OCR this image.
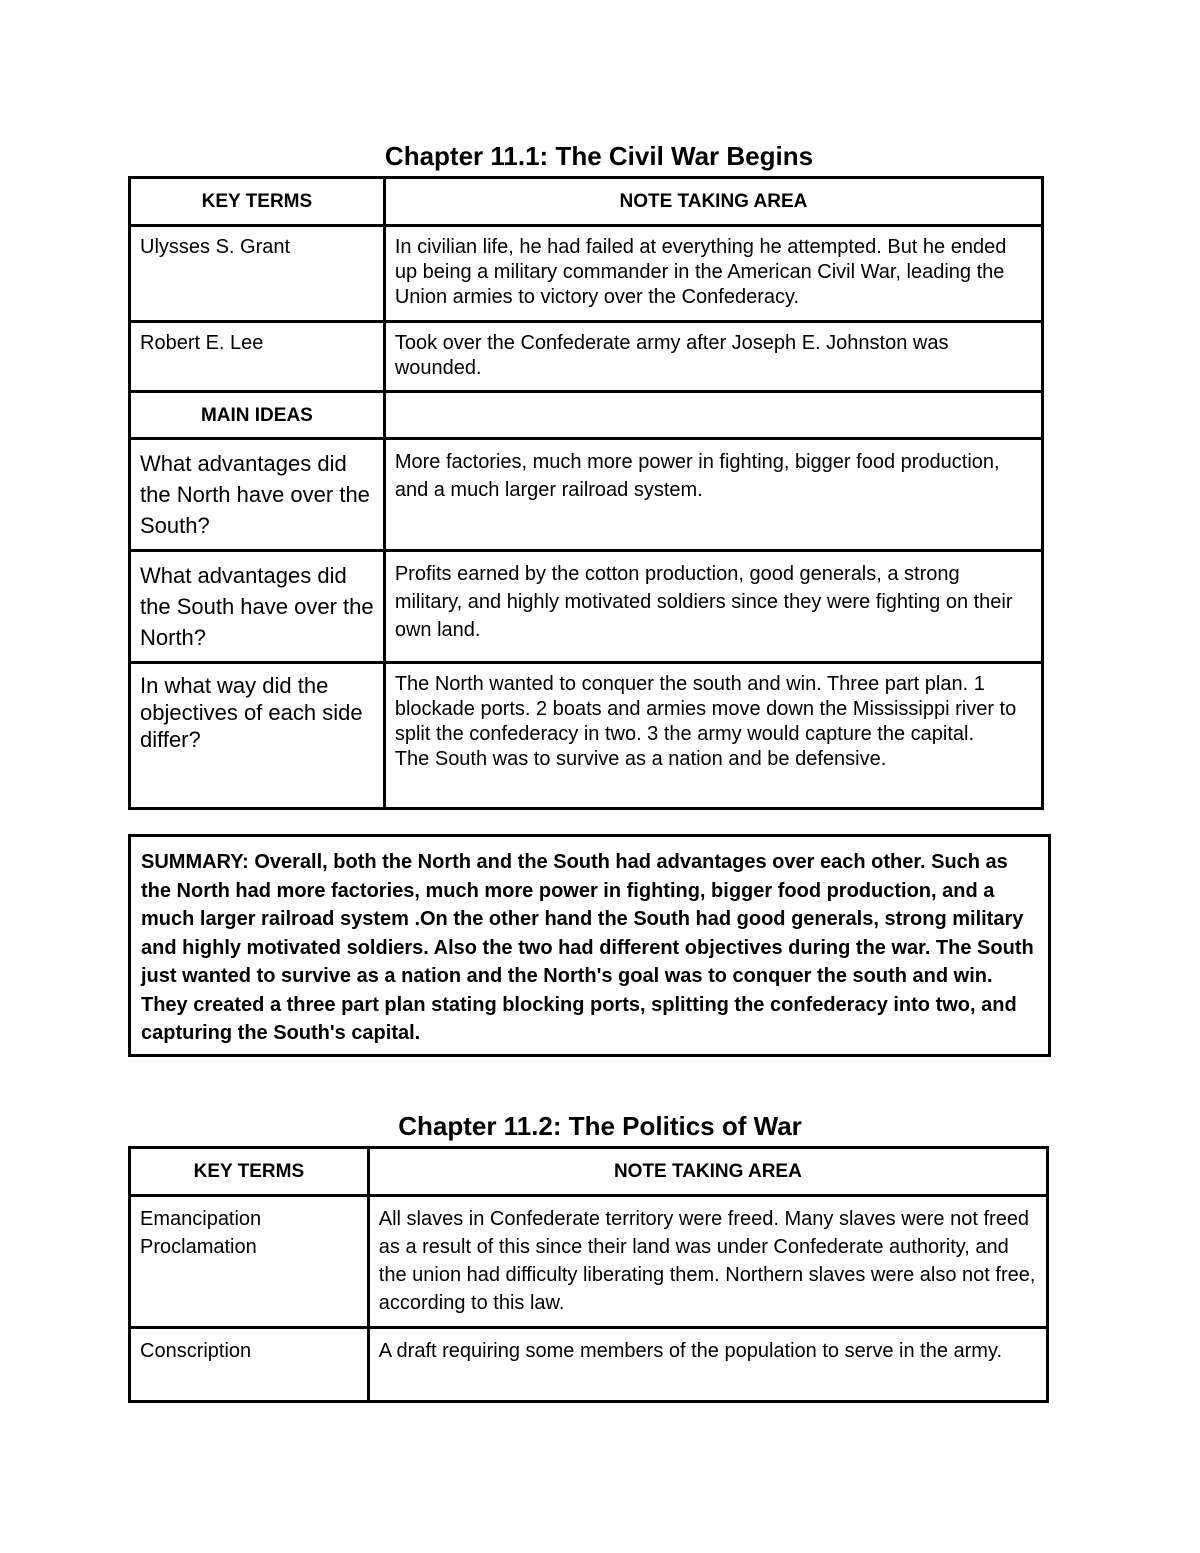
Chapter 11.1: The Civil War Begins
KEY TERMS	NOTE TAKING AREA
Ulysses S. Grant	In civilian life, he had failed at everything he attempted. But he ended up being a military commander in the American Civil War, leading the Union armies to victory over the Confederacy.
Robert E. Lee	Took over the Confederate army after Joseph E. Johnston was wounded.
MAIN IDEAS	
What advantages did the North have over the South?	More factories, much more power in fighting, bigger food production, and a much larger railroad system.
What advantages did the South have over the North?	Profits earned by the cotton production, good generals, a strong military, and highly motivated soldiers since they were fighting on their own land.
In what way did the objectives of each side differ?	The North wanted to conquer the south and win. Three part plan. 1 blockade ports. 2 boats and armies move down the Mississippi river to split the confederacy in two. 3 the army would capture the capital.
The South was to survive as a nation and be defensive.
SUMMARY: Overall, both the North and the South had advantages over each other. Such as the North had more factories, much more power in fighting, bigger food production, and a much larger railroad system .On the other hand the South had good generals, strong military and highly motivated soldiers. Also the two had different objectives during the war. The South just wanted to survive as a nation and the North's goal was to conquer the south and win. They created a three part plan stating blocking ports, splitting the confederacy into two, and capturing the South's capital.
Chapter 11.2: The Politics of War
KEY TERMS	NOTE TAKING AREA
Emancipation Proclamation	All slaves in Confederate territory were freed. Many slaves were not freed as a result of this since their land was under Confederate authority, and the union had difficulty liberating them. Northern slaves were also not free, according to this law.
Conscription	A draft requiring some members of the population to serve in the army.
